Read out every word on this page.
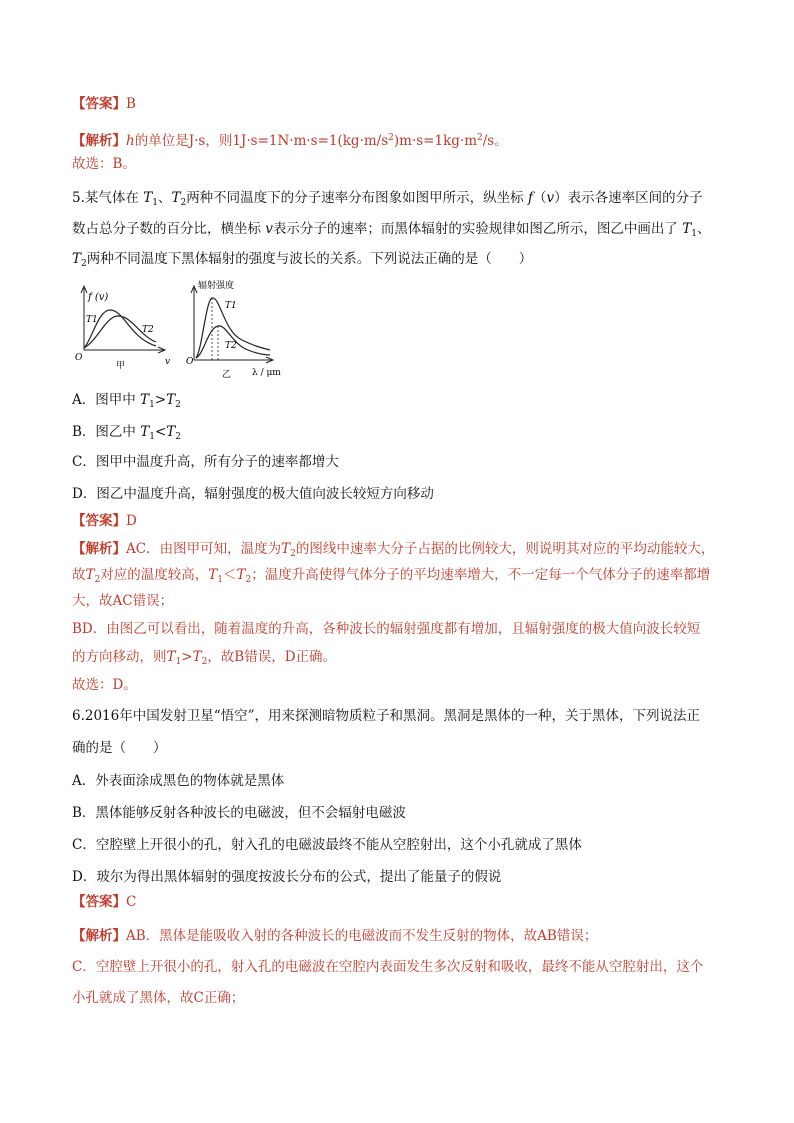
【答案】B
【解析】h的单位是J·s，则$1J\cdot s=1N\cdot m\cdot s=1(kg\cdot m/s^2)m\cdot s=1kg\cdot m^2/s$。
故选：B。
5.某气体在 $T_1$、$T_2$两种不同温度下的分子速率分布图象如图甲所示，纵坐标 f（v）表示各速率区间的分子
数占总分子数的百分比，横坐标 v表示分子的速率；而黑体辐射的实验规律如图乙所示，图乙中画出了 $T_1$、
$T_2$两种不同温度下黑体辐射的强度与波长的关系。下列说法正确的是（　　）
f (v)
T1
T2
O	v
甲
辐射强度
T1
T2
O
λ / μm
乙
A．图甲中 $T_1>T_2$
B．图乙中 $T_1<T_2$
C．图甲中温度升高，所有分子的速率都增大
D．图乙中温度升高，辐射强度的极大值向波长较短方向移动
【答案】D
【解析】AC．由图甲可知，温度为$T_2$的图线中速率大分子占据的比例较大，则说明其对应的平均动能较大，
故$T_2$对应的温度较高，$T_1<T_2$；温度升高使得气体分子的平均速率增大，不一定每一个气体分子的速率都增
大，故AC错误；
BD．由图乙可以看出，随着温度的升高，各种波长的辐射强度都有增加，且辐射强度的极大值向波长较短
的方向移动，则$T_1>T_2$，故B错误，D正确。
故选：D。
6.2016年中国发射卫星“悟空”，用来探测暗物质粒子和黑洞。黑洞是黑体的一种，关于黑体，下列说法正
确的是（　　）
A．外表面涂成黑色的物体就是黑体
B．黑体能够反射各种波长的电磁波，但不会辐射电磁波
C．空腔壁上开很小的孔，射入孔的电磁波最终不能从空腔射出，这个小孔就成了黑体
D．玻尔为得出黑体辐射的强度按波长分布的公式，提出了能量子的假说
【答案】C
【解析】AB．黑体是能吸收入射的各种波长的电磁波而不发生反射的物体，故AB错误；
C．空腔壁上开很小的孔，射入孔的电磁波在空腔内表面发生多次反射和吸收，最终不能从空腔射出，这个
小孔就成了黑体，故C正确；
